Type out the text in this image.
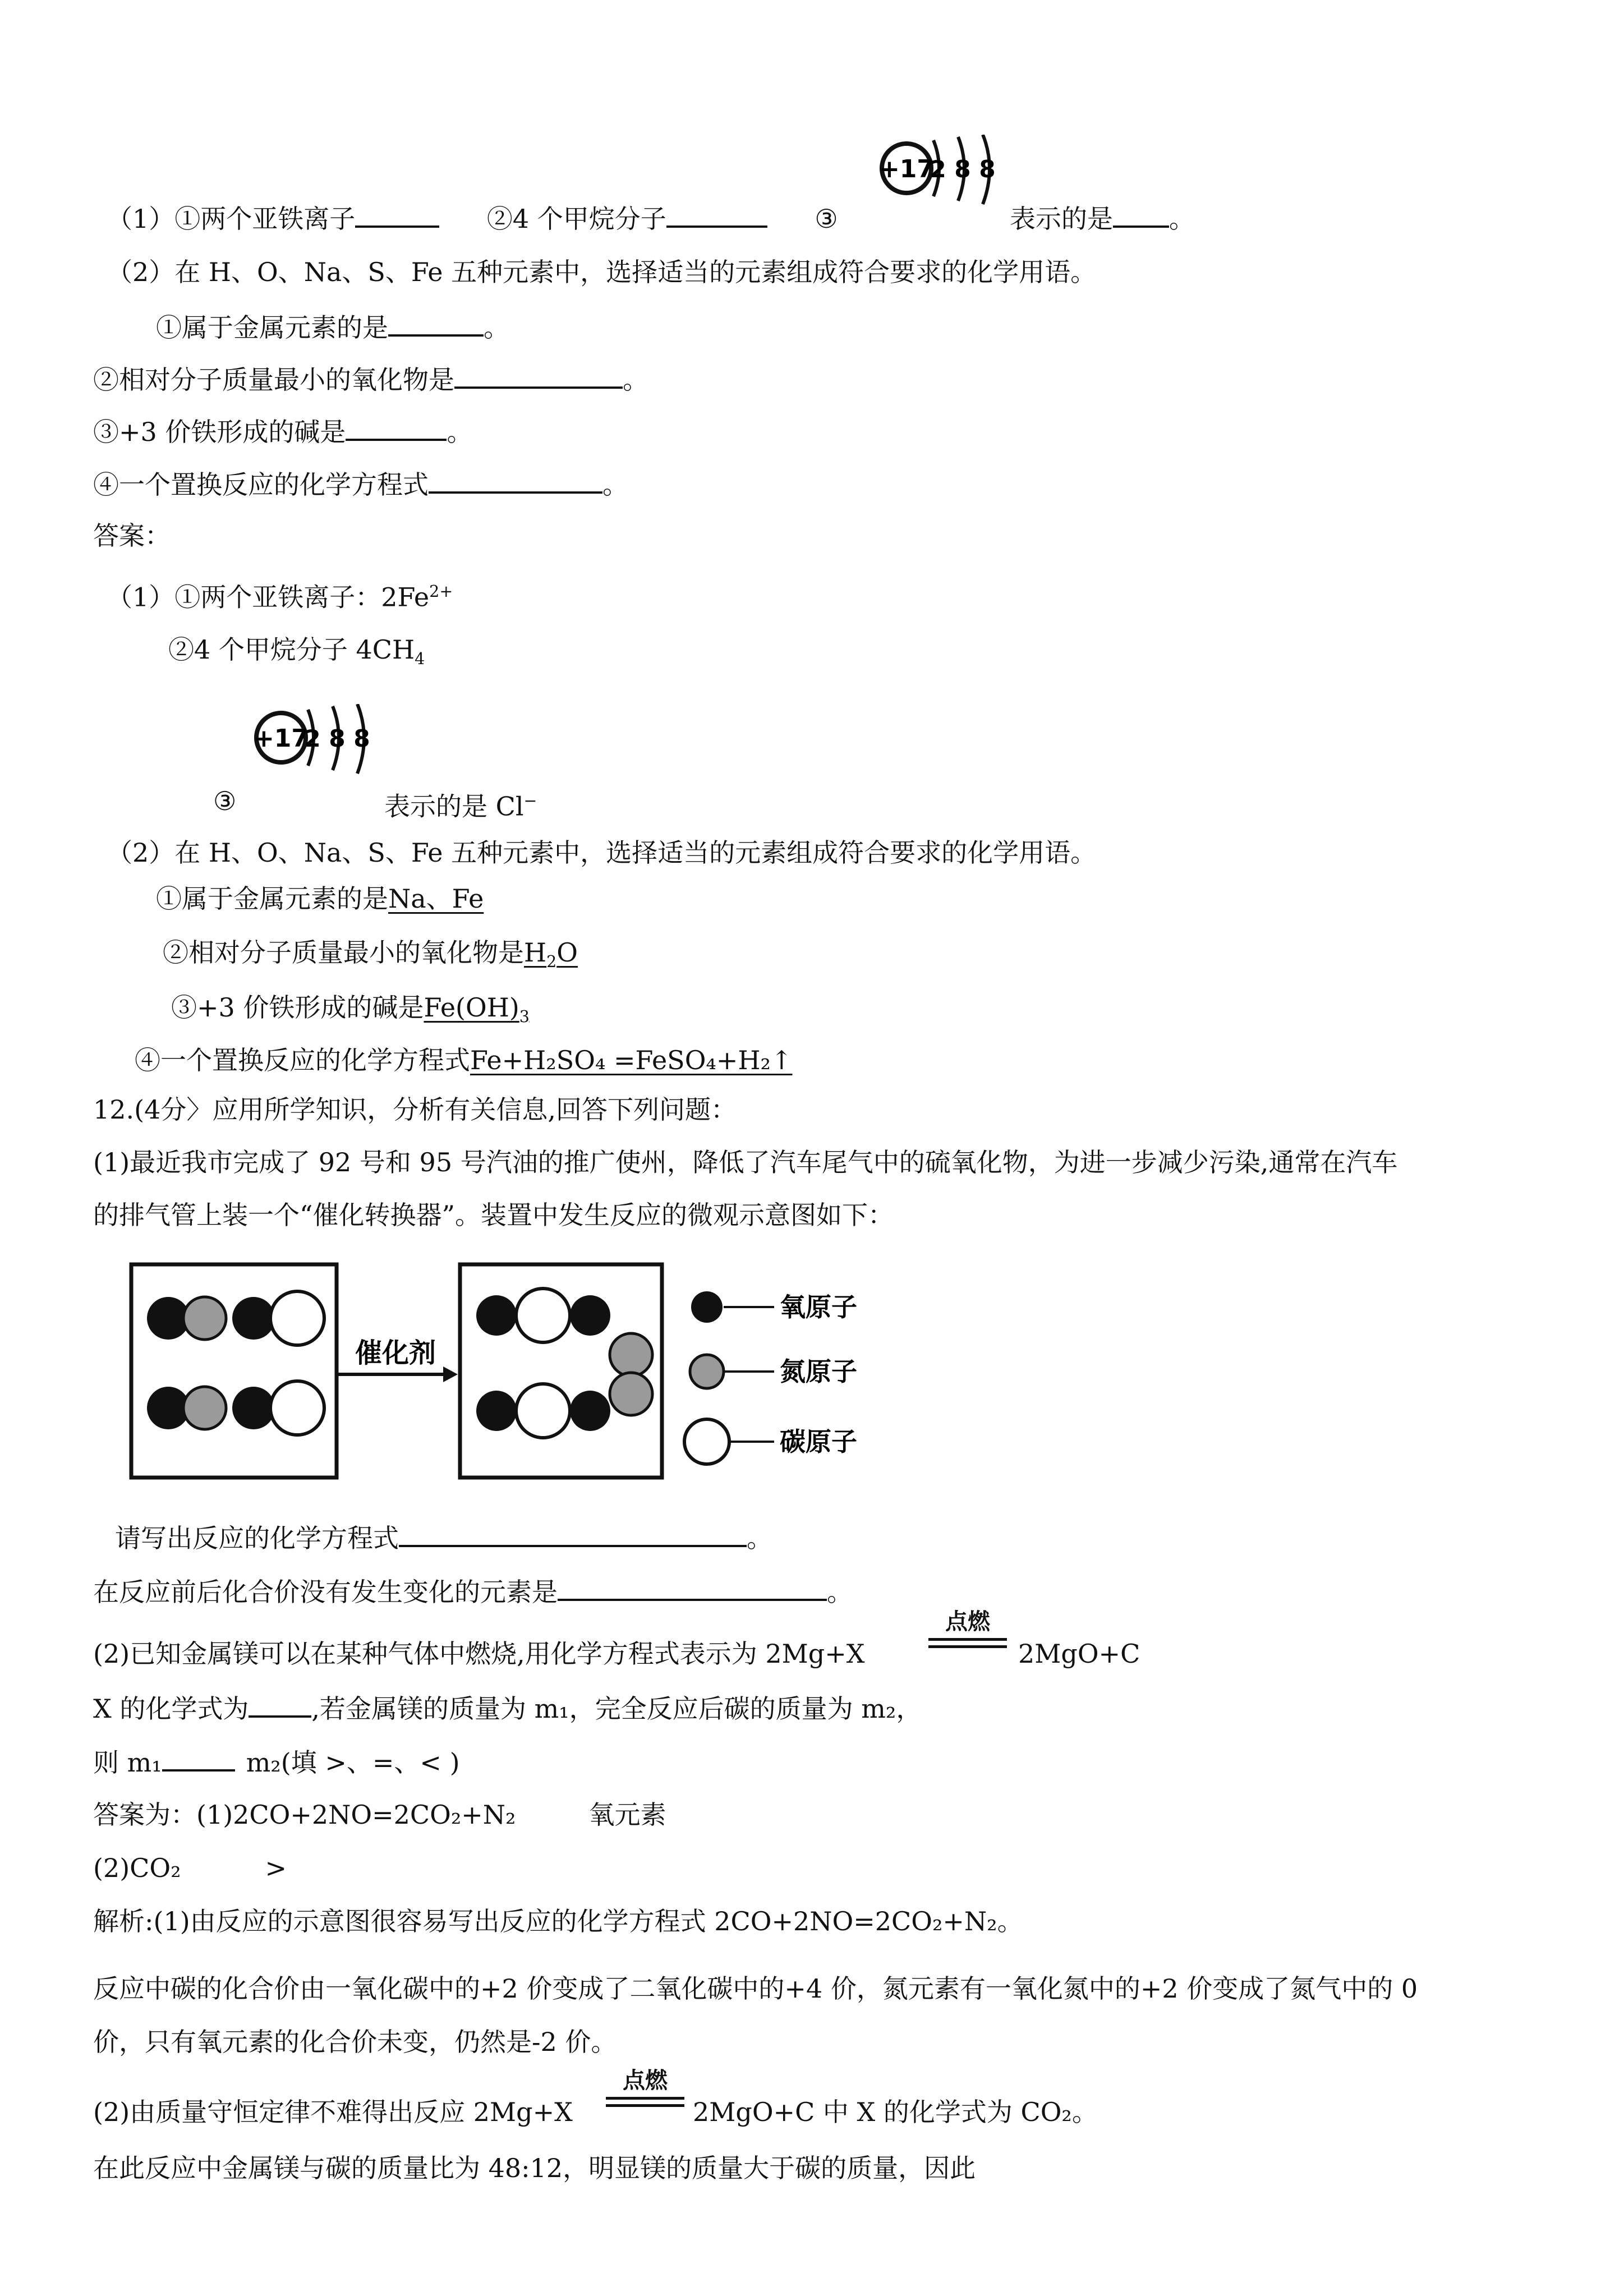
（1）①两个亚铁离子	②4 个甲烷分子	③
+17
2 8 8
表示的是 。
（2）在 H、O、Na、S、Fe 五种元素中，选择适当的元素组成符合要求的化学用语。
①属于金属元素的是	。
②相对分子质量最小的氧化物是	。
③+3 价铁形成的碱是	。
④一个置换反应的化学方程式	。
答案：
（1）①两个亚铁离子：$2Fe^{2+}$
②4 个甲烷分子 $4CH_4$
+17
2 8 8
③	表示的是 Cl−
（2）在 H、O、Na、S、Fe 五种元素中，选择适当的元素组成符合要求的化学用语。
①属于金属元素的是Na、Fe
②相对分子质量最小的氧化物是$H_2O$
③+3 价铁形成的碱是$Fe(OH)_3$
④一个置换反应的化学方程式Fe+H₂SO₄ =FeSO₄+H₂↑
12.(4分〉应用所学知识，分析有关信息,回答下列问题：
(1)最近我市完成了 92 号和 95 号汽油的推广使州，降低了汽车尾气中的硫氧化物，为进一步减少污染,通常在汽车
的排气管上装一个“催化转换器”。装置中发生反应的微观示意图如下：
催化剂
氧原子
氮原子
碳原子
请写出反应的化学方程式	。
在反应前后化合价没有发生变化的元素是	。
(2)已知金属镁可以在某种气体中燃烧,用化学方程式表示为 2Mg+X
点燃
2MgO+C
X 的化学式为 ,若金属镁的质量为 m₁，完全反应后碳的质量为 m₂，
则 m₁	m₂(填 >、=、< )
答案为：(1)2CO+2NO=2CO₂+N₂	氧元素
(2)CO₂	>
解析:(1)由反应的示意图很容易写出反应的化学方程式 2CO+2NO=2CO₂+N₂。
反应中碳的化合价由一氧化碳中的+2 价变成了二氧化碳中的+4 价，氮元素有一氧化氮中的+2 价变成了氮气中的 0
价，只有氧元素的化合价未变，仍然是-2 价。
(2)由质量守恒定律不难得出反应 2Mg+X
点燃
2MgO+C 中 X 的化学式为 CO₂。
在此反应中金属镁与碳的质量比为 48:12，明显镁的质量大于碳的质量，因此
